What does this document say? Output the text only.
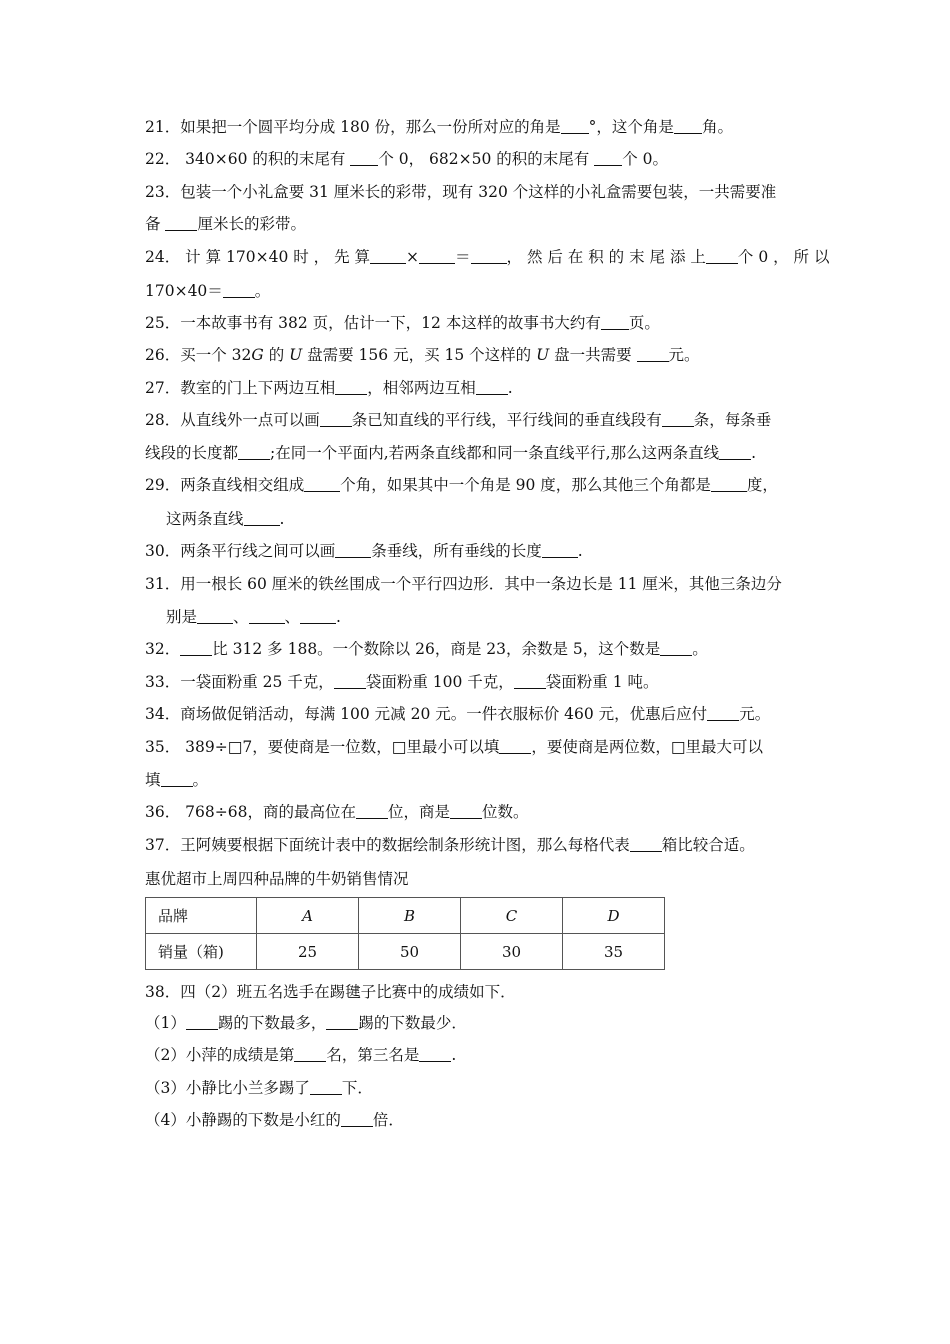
21．如果把一个圆平均分成 180 份，那么一份所对应的角是 °，这个角是 角。
22． 340×60 的积的末尾有 个 0， 682×50 的积的末尾有 个 0。
23．包装一个小礼盒要 31 厘米长的彩带，现有 320 个这样的小礼盒需要包装，一共需要准
备 厘米长的彩带。
24． 计 算 170×40 时 ， 先 算 × ＝ ， 然 后 在 积 的 末 尾 添 上 个 0 ， 所 以
170×40＝ 。
25．一本故事书有 382 页，估计一下，12 本这样的故事书大约有 页。
26．买一个 32G 的 U 盘需要 156 元，买 15 个这样的 U 盘一共需要 元。
27．教室的门上下两边互相 ，相邻两边互相 .
28．从直线外一点可以画 条已知直线的平行线，平行线间的垂直线段有 条，每条垂
线段的长度都 ;在同一个平面内,若两条直线都和同一条直线平行,那么这两条直线 .
29．两条直线相交组成 个角，如果其中一个角是 90 度，那么其他三个角都是 度，
这两条直线 .
30．两条平行线之间可以画 条垂线，所有垂线的长度 .
31．用一根长 60 厘米的铁丝围成一个平行四边形．其中一条边长是 11 厘米，其他三条边分
别是 、 、 .
32． 比 312 多 188。一个数除以 26，商是 23，余数是 5，这个数是 。
33．一袋面粉重 25 千克， 袋面粉重 100 千克， 袋面粉重 1 吨。
34．商场做促销活动，每满 100 元减 20 元。一件衣服标价 460 元，优惠后应付 元。
35． 389÷□7，要使商是一位数，□里最小可以填 ，要使商是两位数，□里最大可以
填 。
36． 768÷68，商的最高位在 位，商是 位数。
37．王阿姨要根据下面统计表中的数据绘制条形统计图，那么每格代表 箱比较合适。
惠优超市上周四种品牌的牛奶销售情况
品牌	A	B	C	D
销量（箱)	25	50	30	35
38．四（2）班五名选手在踢毽子比赛中的成绩如下．
（1） 踢的下数最多， 踢的下数最少．
（2）小萍的成绩是第 名，第三名是 .
（3）小静比小兰多踢了 下．
（4）小静踢的下数是小红的 倍．
